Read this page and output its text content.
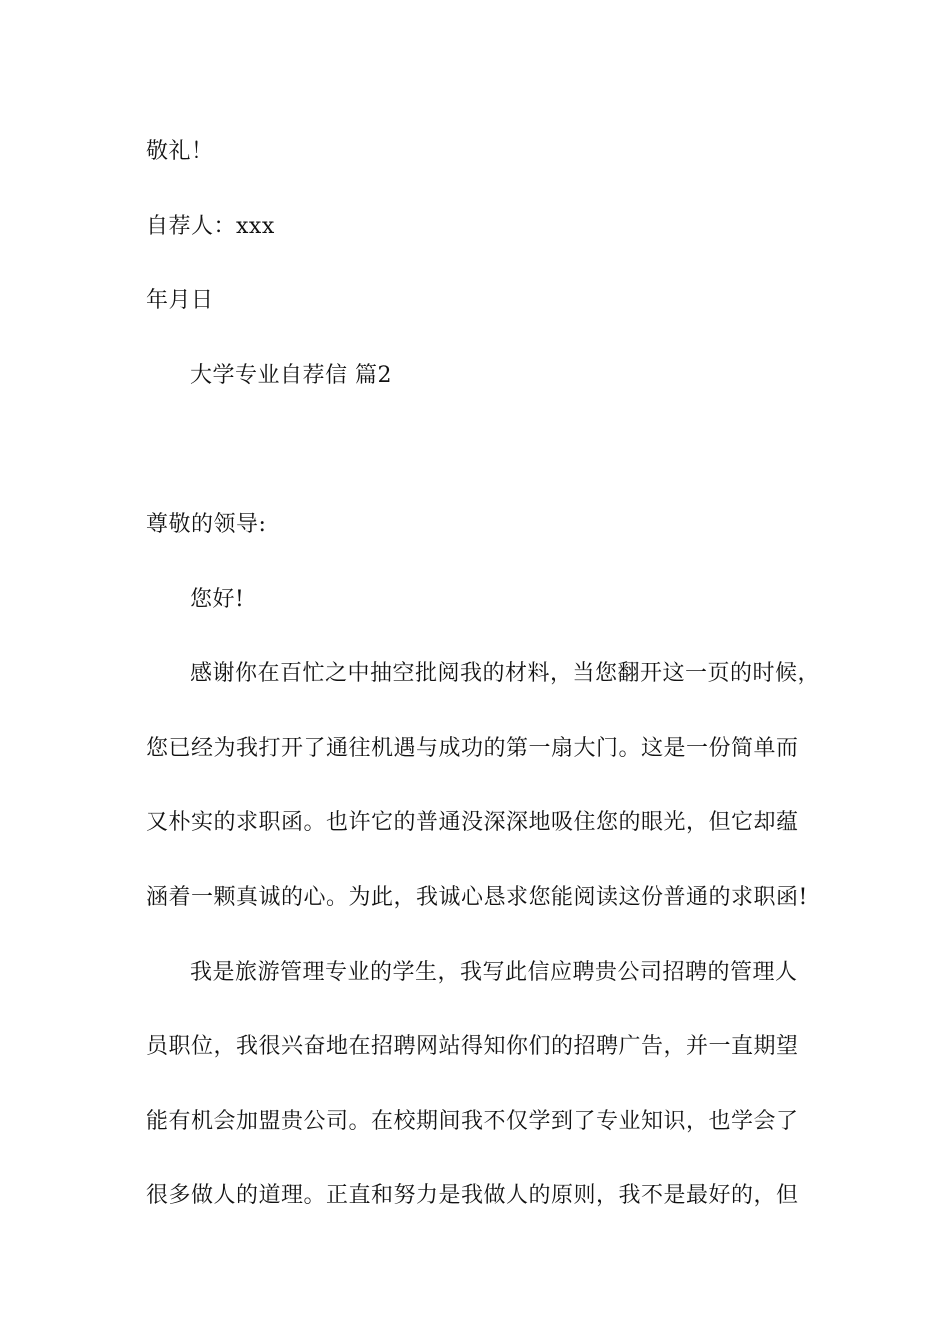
敬礼！
自荐人：xxx
年月日
大学专业自荐信 篇2
尊敬的领导:
您好!
感谢你在百忙之中抽空批阅我的材料，当您翻开这一页的时候，
您已经为我打开了通往机遇与成功的第一扇大门。这是一份简单而
又朴实的求职函。也许它的普通没深深地吸住您的眼光，但它却蕴
涵着一颗真诚的心。为此，我诚心恳求您能阅读这份普通的求职函!
我是旅游管理专业的学生，我写此信应聘贵公司招聘的管理人
员职位，我很兴奋地在招聘网站得知你们的招聘广告，并一直期望
能有机会加盟贵公司。在校期间我不仅学到了专业知识，也学会了
很多做人的道理。正直和努力是我做人的原则，我不是最好的，但
